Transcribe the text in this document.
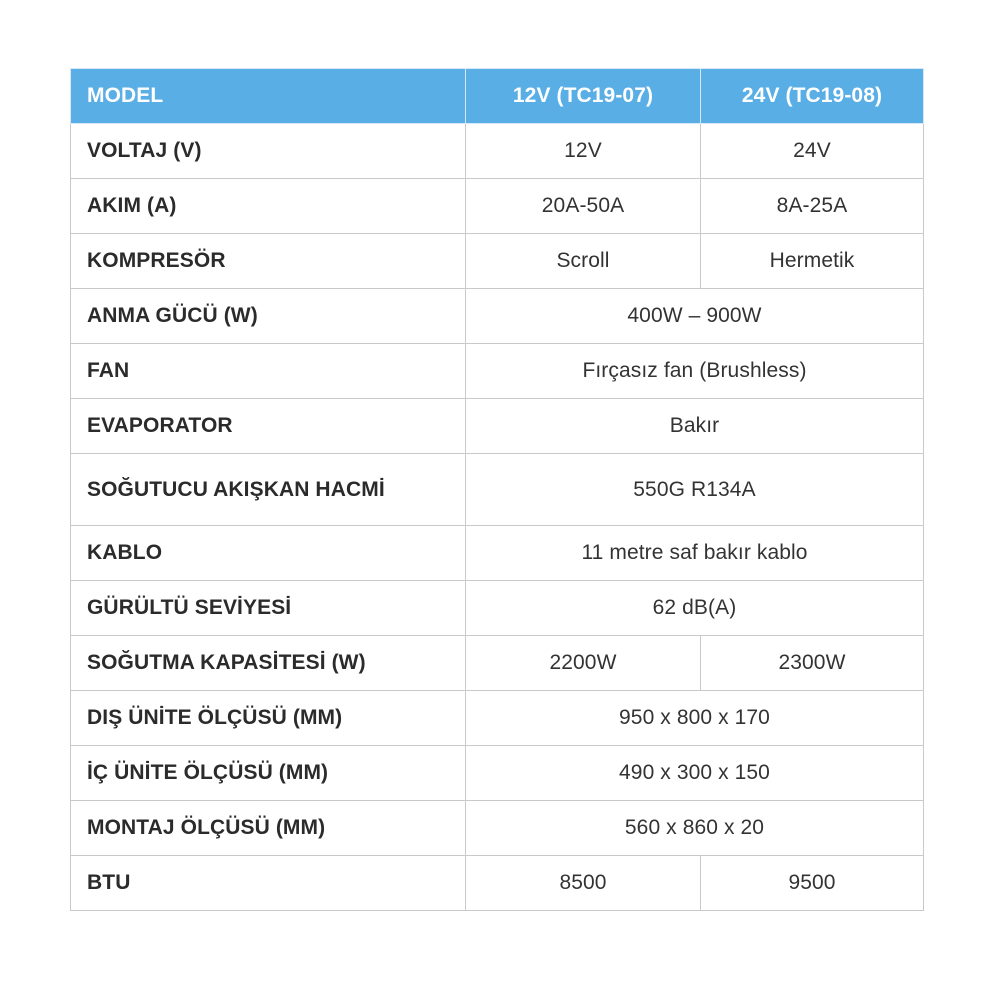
MODEL	12V (TC19-07)	24V (TC19-08)
VOLTAJ (V)	12V	24V
AKIM (A)	20A-50A	8A-25A
KOMPRESÖR	Scroll	Hermetik
ANMA GÜCÜ (W)	400W – 900W	
FAN	Fırçasız fan (Brushless)	
EVAPORATOR	Bakır	
SOĞUTUCU AKIŞKAN HACMİ	550G R134A	
KABLO	11 metre saf bakır kablo	
GÜRÜLTÜ SEVİYESİ	62 dB(A)	
SOĞUTMA KAPASİTESİ (W)	2200W	2300W
DIŞ ÜNİTE ÖLÇÜSÜ (MM)	950 x 800 x 170	
İÇ ÜNİTE ÖLÇÜSÜ (MM)	490 x 300 x 150	
MONTAJ ÖLÇÜSÜ (MM)	560 x 860 x 20	
BTU	8500	9500
